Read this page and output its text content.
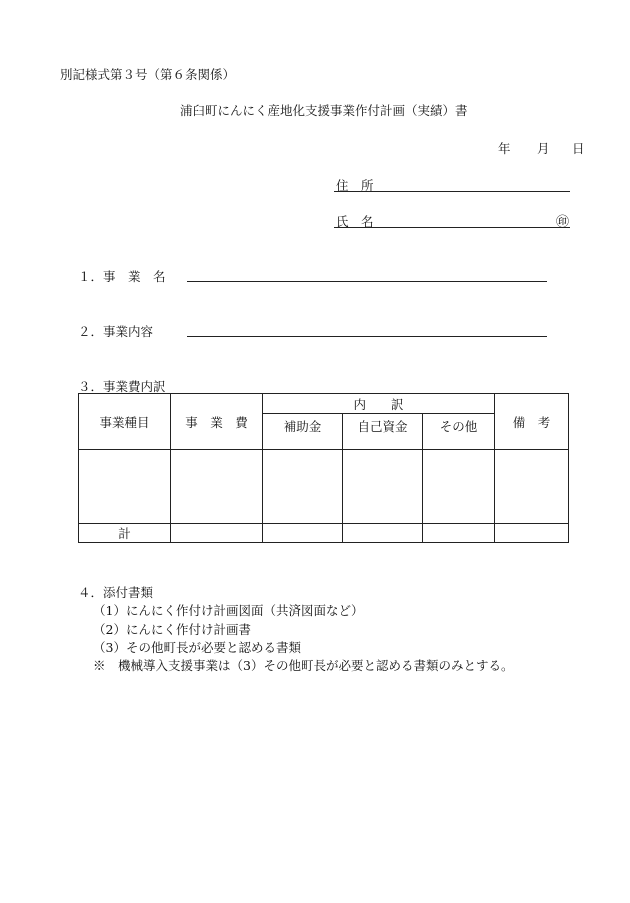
別記様式第３号（第６条関係）
浦臼町にんにく産地化支援事業作付計画（実績）書
年 月 日
住　所
氏　名	㊞
１．事　業　名
２．事業内容
３．事業費内訳
事業種目	事　業　費	内　　訳			備　考
		補助金	自己資金	その他	

計					
４．添付書類
（1）にんにく作付け計画図面（共済図面など）
（2）にんにく作付け計画書
（3）その他町長が必要と認める書類
※　機械導入支援事業は（3）その他町長が必要と認める書類のみとする。
